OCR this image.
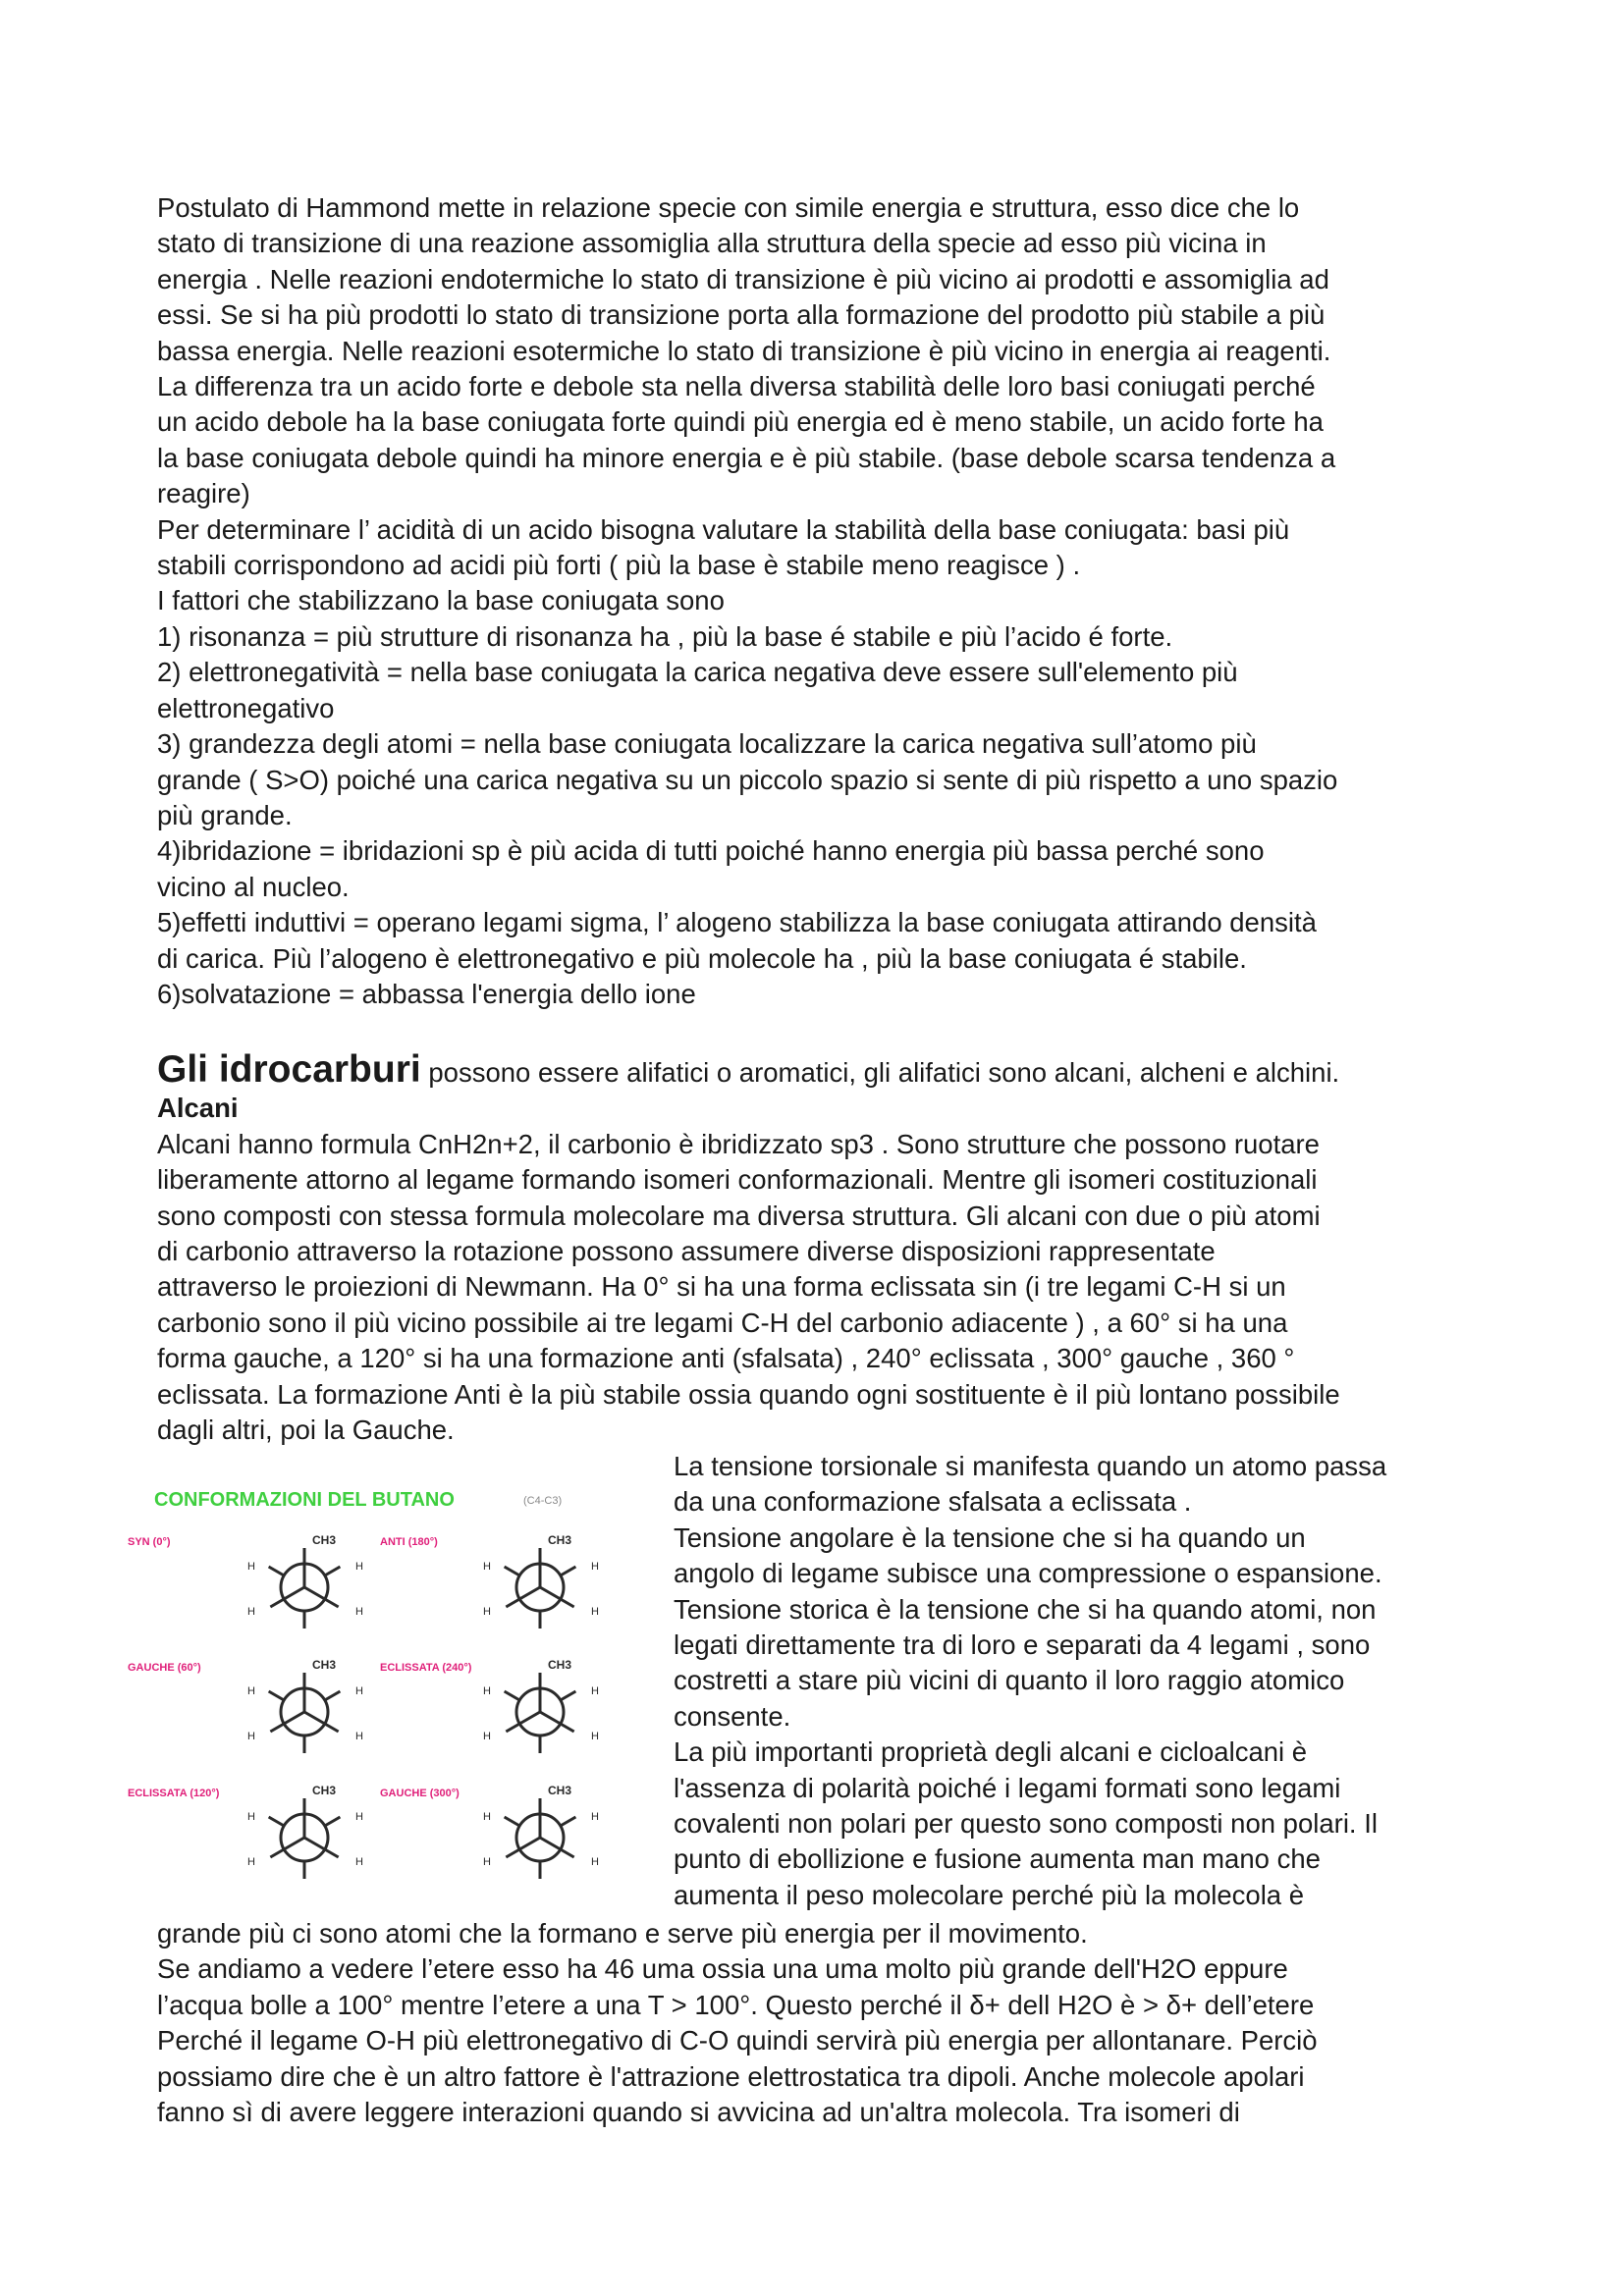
Postulato di Hammond mette in relazione specie con simile energia e struttura, esso dice che lo

stato di transizione di una reazione assomiglia alla struttura della specie ad esso più vicina in

energia . Nelle reazioni endotermiche lo stato di transizione è più vicino ai prodotti e assomiglia ad

essi. Se si ha più prodotti lo stato di transizione porta alla formazione del prodotto più stabile a più

bassa energia. Nelle reazioni esotermiche lo stato di transizione è più vicino in energia ai reagenti.

La differenza tra un acido forte e debole sta nella diversa stabilità delle loro basi coniugati perché

un acido debole ha la base coniugata forte quindi più energia ed è meno stabile, un acido forte ha

la base coniugata debole quindi ha minore energia e è più stabile. (base debole scarsa tendenza a

reagire)

Per determinare l’ acidità di un acido bisogna valutare la stabilità della base coniugata: basi più

stabili corrispondono ad acidi più forti ( più la base è stabile meno reagisce ) .

I fattori che stabilizzano la base coniugata sono

1) risonanza = più strutture di risonanza ha , più la base é stabile e più l’acido é forte.

2) elettronegatività = nella base coniugata la carica negativa deve essere sull'elemento più

elettronegativo

3) grandezza degli atomi = nella base coniugata localizzare la carica negativa sull’atomo più

grande ( S>O) poiché una carica negativa su un piccolo spazio si sente di più rispetto a uno spazio

più grande.

4)ibridazione = ibridazioni sp è più acida di tutti poiché hanno energia più bassa perché sono

vicino al nucleo.

5)effetti induttivi = operano legami sigma, l’ alogeno stabilizza la base coniugata attirando densità

di carica. Più l’alogeno è elettronegativo e più molecole ha , più la base coniugata é stabile.

6)solvatazione = abbassa l'energia dello ione

Gli idrocarburi possono essere alifatici o aromatici, gli alifatici sono alcani, alcheni e alchini.

Alcani

Alcani hanno formula CnH2n+2, il carbonio è ibridizzato sp3 . Sono strutture che possono ruotare

liberamente attorno al legame formando isomeri conformazionali. Mentre gli isomeri costituzionali

sono composti con stessa formula molecolare ma diversa struttura. Gli alcani con due o più atomi

di carbonio attraverso la rotazione possono assumere diverse disposizioni rappresentate

attraverso le proiezioni di Newmann. Ha 0° si ha una forma eclissata sin (i tre legami C-H si un

carbonio sono il più vicino possibile ai tre legami C-H del carbonio adiacente ) , a 60° si ha una

forma gauche, a 120° si ha una formazione anti (sfalsata) , 240° eclissata , 300° gauche , 360 °

eclissata. La formazione Anti è la più stabile ossia quando ogni sostituente è il più lontano possibile

dagli altri, poi la Gauche.

CONFORMAZIONI DEL BUTANO	(C4-C3)
SYN (0°)	CH3
H	H
H	H
ANTI (180°)	CH3
H	H
H	H
GAUCHE (60°)	CH3
H	H
H	H
ECLISSATA (240°)	CH3
H	H
H	H
ECLISSATA (120°)	CH3
H	H
H	H
GAUCHE (300°)	CH3
H	H
H	H

La tensione torsionale si manifesta quando un atomo passa

da una conformazione sfalsata a eclissata .

Tensione angolare è la tensione che si ha quando un

angolo di legame subisce una compressione o espansione.

Tensione storica è la tensione che si ha quando atomi, non

legati direttamente tra di loro e separati da 4 legami , sono

costretti a stare più vicini di quanto il loro raggio atomico

consente.

La più importanti proprietà degli alcani e cicloalcani è

l'assenza di polarità poiché i legami formati sono legami

covalenti non polari per questo sono composti non polari. Il

punto di ebollizione e fusione aumenta man mano che

aumenta il peso molecolare perché più la molecola è

grande più ci sono atomi che la formano e serve più energia per il movimento.

Se andiamo a vedere l’etere esso ha 46 uma ossia una uma molto più grande dell'H2O eppure

l’acqua bolle a 100° mentre l’etere a una T > 100°. Questo perché il δ+ dell H2O è > δ+ dell’etere

Perché il legame O-H più elettronegativo di C-O quindi servirà più energia per allontanare. Perciò

possiamo dire che è un altro fattore è l'attrazione elettrostatica tra dipoli. Anche molecole apolari

fanno sì di avere leggere interazioni quando si avvicina ad un'altra molecola. Tra isomeri di
